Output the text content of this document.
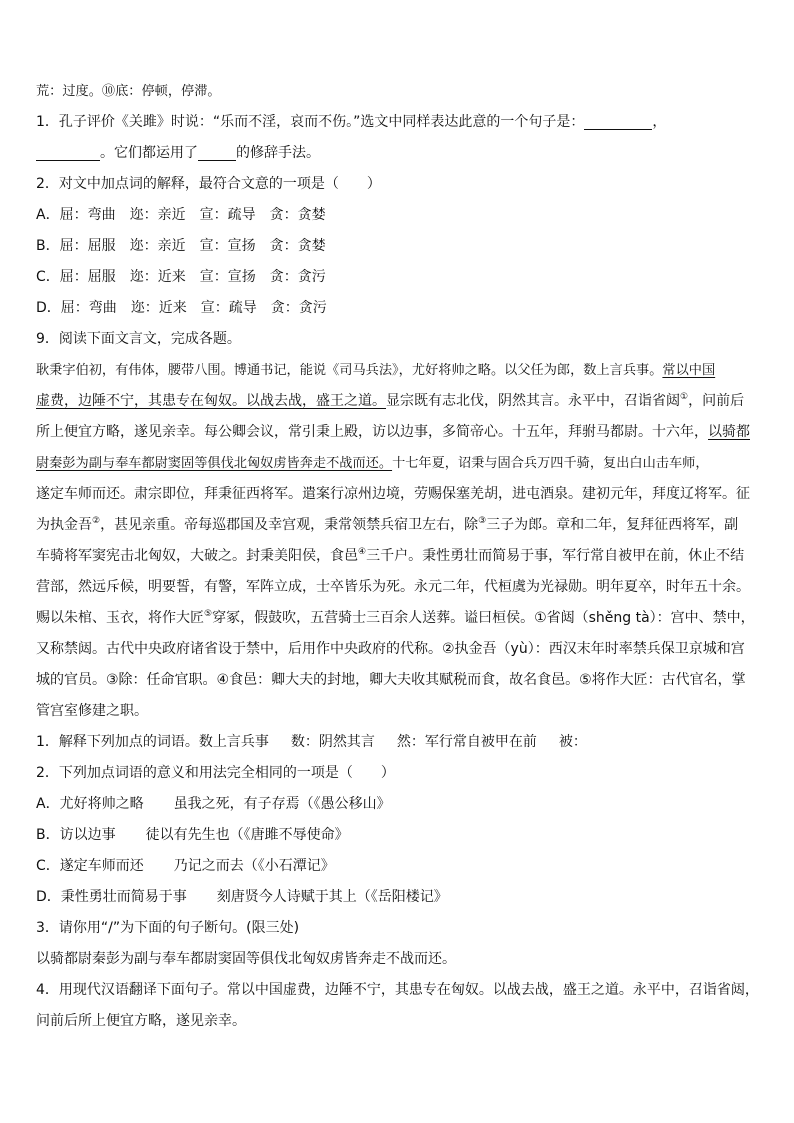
荒：过度。⑩底：停顿，停滞。
1．孔子评价《关雎》时说：“乐而不淫，哀而不伤。”选文中同样表达此意的一个句子是：	，
。它们都运用了	的修辞手法。
2．对文中加点词的解释，最符合文意的一项是（　　）
A．屈：弯曲　迩：亲近　宣：疏导　贪：贪婪
B．屈：屈服　迩：亲近　宣：宣扬　贪：贪婪
C．屈：屈服　迩：近来　宣：宣扬　贪：贪污
D．屈：弯曲　迩：近来　宣：疏导　贪：贪污
9．阅读下面文言文，完成各题。
耿秉字伯初，有伟体，腰带八围。博通书记，能说《司马兵法》，尤好将帅之略。以父任为郎，数上言兵事。常以中国
虚费，边陲不宁，其患专在匈奴。以战去战，盛王之道。显宗既有志北伐，阴然其言。永平中，召诣省闼①，问前后
所上便宜方略，遂见亲幸。每公卿会议，常引秉上殿，访以边事，多简帝心。十五年，拜驸马都尉。十六年，以骑都
尉秦彭为副与奉车都尉窦固等俱伐北匈奴虏皆奔走不战而还。十七年夏，诏秉与固合兵万四千骑，复出白山击车师，
遂定车师而还。肃宗即位，拜秉征西将军。遣案行凉州边境，劳赐保塞羌胡，进屯酒泉。建初元年，拜度辽将军。征
为执金吾②，甚见亲重。帝每巡郡国及幸宫观，秉常领禁兵宿卫左右，除③三子为郎。章和二年，复拜征西将军，副
车骑将军窦宪击北匈奴，大破之。封秉美阳侯，食邑④三千户。秉性勇壮而简易于事，军行常自被甲在前，休止不结
营部，然远斥候，明要誓，有警，军阵立成，士卒皆乐为死。永元二年，代桓虞为光禄勋。明年夏卒，时年五十余。
赐以朱棺、玉衣，将作大匠⑤穿冢，假鼓吹，五营骑士三百余人送葬。谥曰桓侯。①省闼（shěng tà）：宫中、禁中，
又称禁闼。古代中央政府诸省设于禁中，后用作中央政府的代称。②执金吾（yù）：西汉末年时率禁兵保卫京城和宫
城的官员。③除：任命官职。④食邑：卿大夫的封地，卿大夫收其赋税而食，故名食邑。⑤将作大匠：古代官名，掌
管宫室修建之职。
1．解释下列加点的词语。数上言兵事 数：阴然其言 然：军行常自被甲在前 被：
2．下列加点词语的意义和用法完全相同的一项是（　　）
A．尤好将帅之略 虽我之死，有子存焉（《愚公移山》
B．访以边事 徒以有先生也（《唐雎不辱使命》
C．遂定车师而还 乃记之而去（《小石潭记》
D．秉性勇壮而简易于事 刻唐贤今人诗赋于其上（《岳阳楼记》
3．请你用“/”为下面的句子断句。(限三处)
以骑都尉秦彭为副与奉车都尉窦固等俱伐北匈奴虏皆奔走不战而还。
4．用现代汉语翻译下面句子。常以中国虚费，边陲不宁，其患专在匈奴。以战去战，盛王之道。永平中，召诣省闼，
问前后所上便宜方略，遂见亲幸。
